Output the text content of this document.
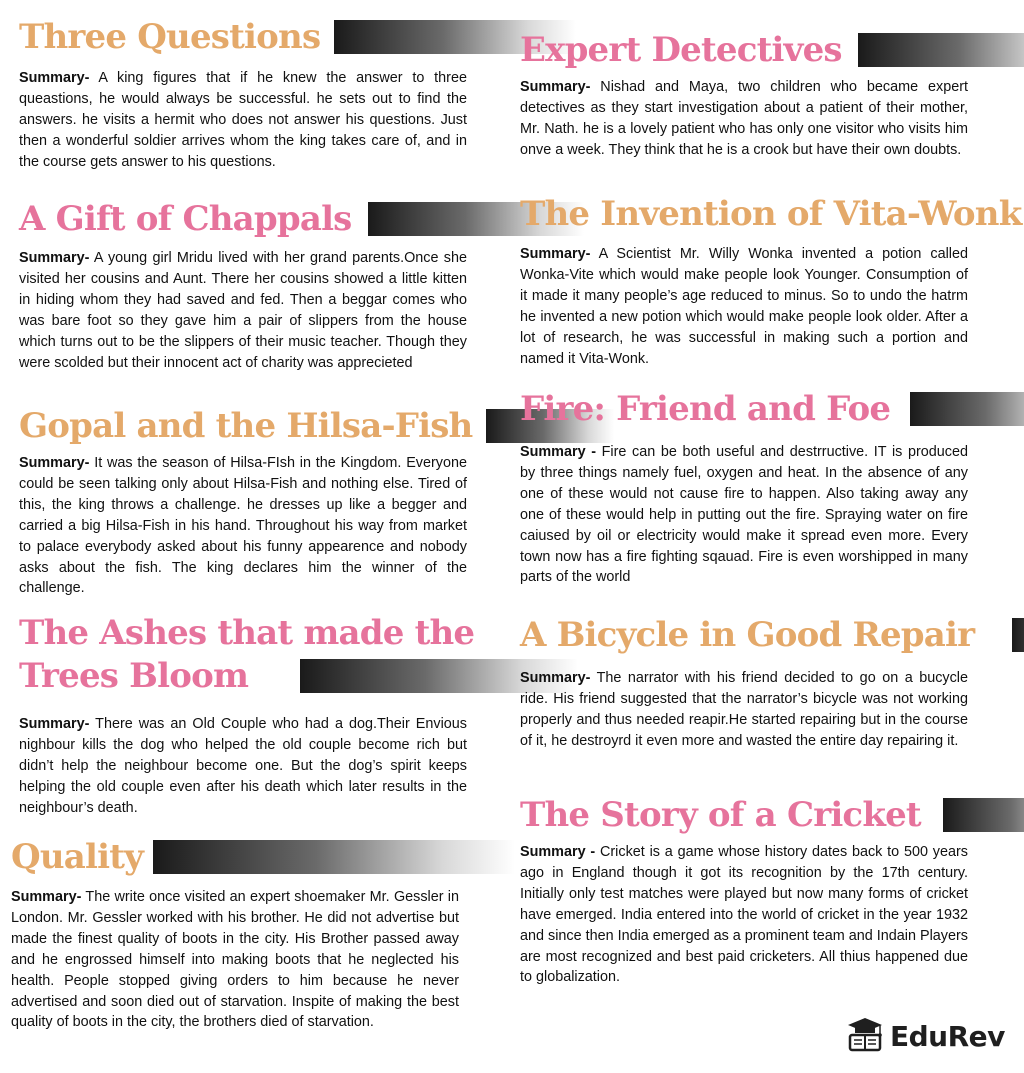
Three Questions

Summary- A king figures that if he knew the answer to three queastions, he would always be successful. he sets out to find the answers. he visits a hermit who does not answer his questions. Just then a wonderful soldier arrives whom the king takes care of, and in the course gets answer to his questions.

A Gift of Chappals

Summary- A young girl Mridu lived with her grand parents.Once she visited her cousins and Aunt. There her cousins showed a little kitten in hiding whom they had saved and fed. Then a beggar comes who was bare foot so they gave him a pair of slippers from the house which turns out to be the slippers of their music teacher. Though they were scolded but their innocent act of charity was apprecieted

Gopal and the Hilsa-Fish

Summary- It was the season of Hilsa-FIsh in the Kingdom. Everyone could be seen talking only about Hilsa-Fish and nothing else. Tired of this, the king throws a challenge. he dresses up like a begger and carried a big Hilsa-Fish in his hand. Throughout his way from market to palace everybody asked about his funny appearence and nobody asks about the fish. The king declares him the winner of the challenge.

The Ashes that made the
Trees Bloom

Summary- There was an Old Couple who had a dog.Their Envious nighbour kills the dog who helped the old couple become rich but didn’t help the neighbour become one. But the dog’s spirit keeps helping the old couple even after his death which later results in the neighbour’s death.

Quality

Summary- The write once visited an expert shoemaker Mr. Gessler in London. Mr. Gessler worked with his brother. He did not advertise but made the finest quality of boots in the city. His Brother passed away and he engrossed himself into making boots that he neglected his health. People stopped giving orders to him because he never advertised and soon died out of starvation. Inspite of making the best quality of boots in the city, the brothers died of starvation.

Expert Detectives

Summary- Nishad and Maya, two children who became expert detectives as they start investigation about a patient of their mother, Mr. Nath. he is a lovely patient who has only one visitor who visits him onve a week. They think that he is a crook but have their own doubts.

The Invention of Vita-Wonk

Summary- A Scientist Mr. Willy Wonka invented a potion called Wonka-Vite which would make people look Younger. Consumption of it made it many people’s age reduced to minus. So to undo the hatrm he invented a new potion which would make people look older. After a lot of research, he was successful in making such a portion and named it Vita-Wonk.

Fire: Friend and Foe

Summary - Fire can be both useful and destrructive. IT is produced by three things namely fuel, oxygen and heat. In the absence of any one of these would not cause fire to happen. Also taking away any one of these would help in putting out the fire. Spraying water on fire caiused by oil or electricity would make it spread even more. Every town now has a fire fighting sqauad. Fire is even worshipped in many parts of the world

A Bicycle in Good Repair

Summary- The narrator with his friend decided to go on a bucycle ride. His friend suggested that the narrator’s bicycle was not working properly and thus needed reapir.He started repairing but in the course of it, he destroyrd it even more and wasted the entire day repairing it.

The Story of a Cricket

Summary - Cricket is a game whose history dates back to 500 years ago in England though it got its recognition by the 17th century. Initially only test matches were played but now many forms of cricket have emerged. India entered into the world of cricket in the year 1932 and since then India emerged as a prominent team and Indain Players are most recognized and best paid cricketers. All thius happened due to globalization.

EduRev
